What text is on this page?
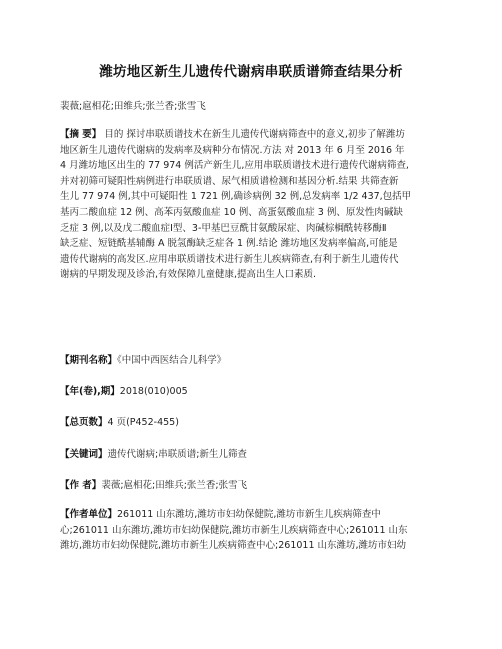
潍坊地区新生儿遗传代谢病串联质谱筛查结果分析
裴薇;扈相花;田维兵;张兰香;张雪飞
【摘 要】 目的 探讨串联质谱技术在新生儿遗传代谢病筛查中的意义,初步了解潍坊
地区新生儿遗传代谢病的发病率及病种分布情况.方法 对 2013 年 6 月至 2016 年
4 月潍坊地区出生的 77 974 例活产新生儿,应用串联质谱技术进行遗传代谢病筛查,
并对初筛可疑阳性病例进行串联质谱、尿气相质谱检测和基因分析.结果 共筛查新
生儿 77 974 例,其中可疑阳性 1 721 例,确诊病例 32 例,总发病率 1/2 437,包括甲
基丙二酸血症 12 例、高苯丙氨酸血症 10 例、高蛋氨酸血症 3 例、原发性肉碱缺
乏症 3 例,以及戊二酸血症Ⅰ型、3-甲基巴豆酰甘氨酸尿症、肉碱棕榈酰转移酶Ⅱ
缺乏症、短链酰基辅酶 A 脱氢酶缺乏症各 1 例.结论 潍坊地区发病率偏高,可能是
遗传代谢病的高发区.应用串联质谱技术进行新生儿疾病筛查,有利于新生儿遗传代
谢病的早期发现及诊治,有效保障儿童健康,提高出生人口素质.
【期刊名称】《中国中西医结合儿科学》
【年(卷),期】2018(010)005
【总页数】4 页(P452-455)
【关键词】遗传代谢病;串联质谱;新生儿筛查
【作 者】裴薇;扈相花;田维兵;张兰香;张雪飞
【作者单位】261011 山东潍坊,潍坊市妇幼保健院,潍坊市新生儿疾病筛查中
心;261011 山东潍坊,潍坊市妇幼保健院,潍坊市新生儿疾病筛查中心;261011 山东
潍坊,潍坊市妇幼保健院,潍坊市新生儿疾病筛查中心;261011 山东潍坊,潍坊市妇幼
